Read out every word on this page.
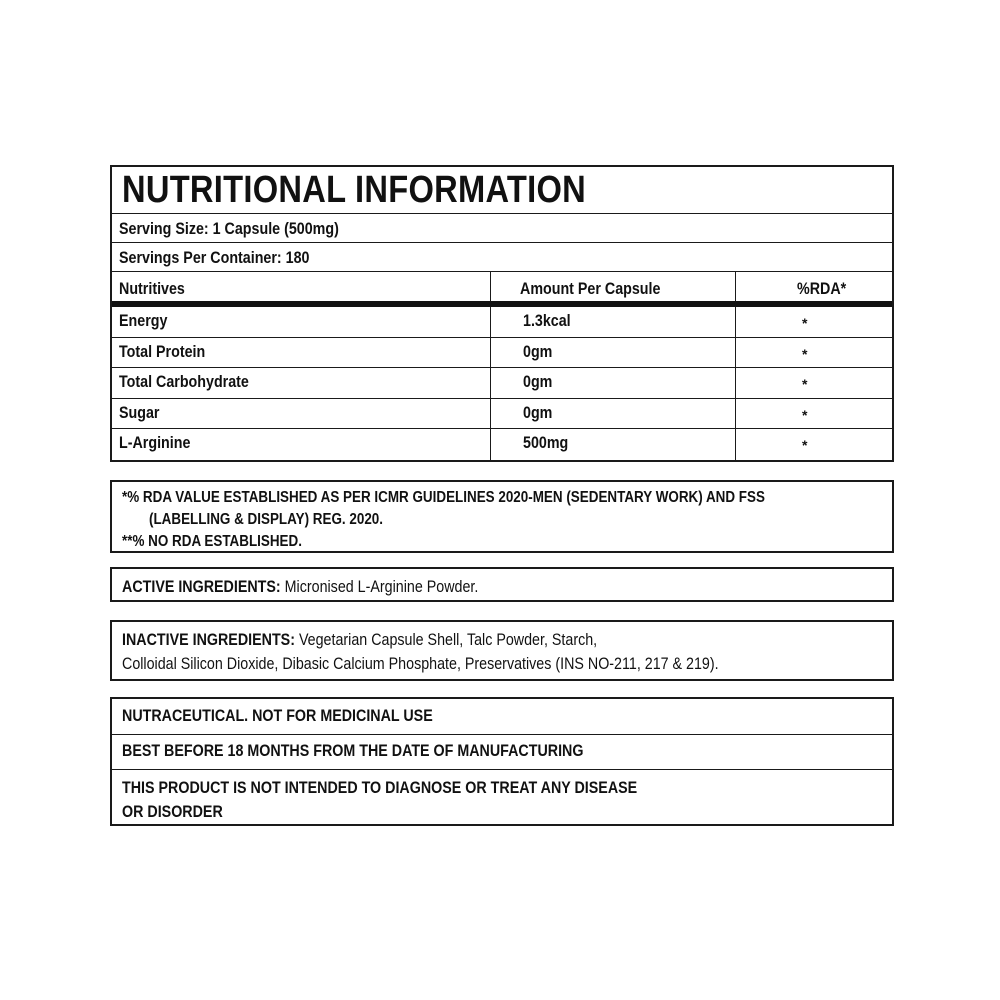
NUTRITIONAL INFORMATION
Serving Size: 1 Capsule (500mg)
Servings Per Container: 180
Nutritives	Amount Per Capsule	%RDA*
Energy	1.3kcal	*
Total Protein	0gm	*
Total Carbohydrate	0gm	*
Sugar	0gm	*
L-Arginine	500mg	*
*% RDA VALUE ESTABLISHED AS PER ICMR GUIDELINES 2020-MEN (SEDENTARY WORK) AND FSS
(LABELLING & DISPLAY) REG. 2020.
**% NO RDA ESTABLISHED.
ACTIVE INGREDIENTS: Micronised L-Arginine Powder.
INACTIVE INGREDIENTS: Vegetarian Capsule Shell, Talc Powder, Starch,
Colloidal Silicon Dioxide, Dibasic Calcium Phosphate, Preservatives (INS NO-211, 217 & 219).
NUTRACEUTICAL. NOT FOR MEDICINAL USE
BEST BEFORE 18 MONTHS FROM THE DATE OF MANUFACTURING
THIS PRODUCT IS NOT INTENDED TO DIAGNOSE OR TREAT ANY DISEASE
OR DISORDER
